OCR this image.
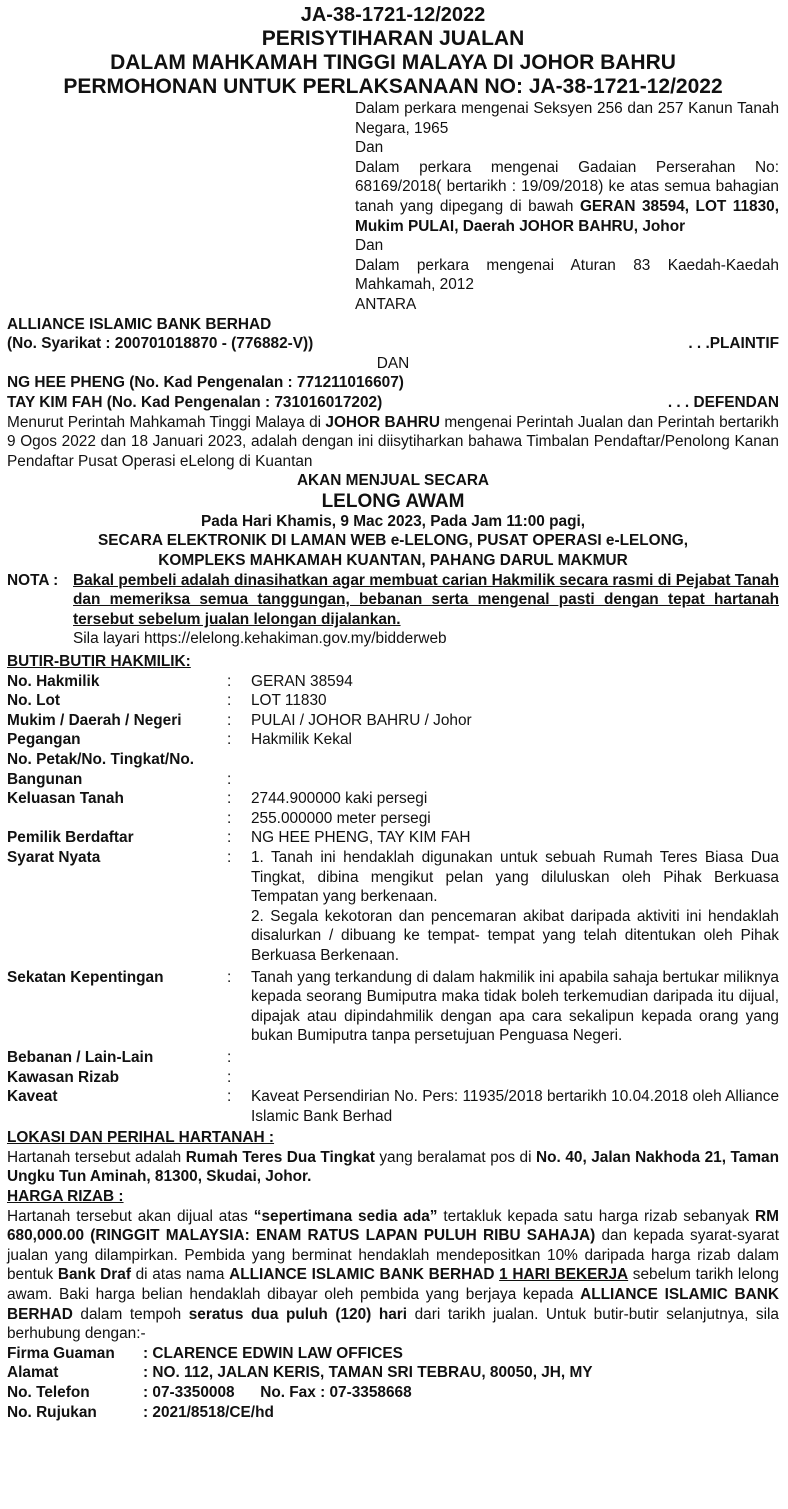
JA-38-1721-12/2022
PERISYTIHARAN JUALAN
DALAM MAHKAMAH TINGGI MALAYA DI JOHOR BAHRU
PERMOHONAN UNTUK PERLAKSANAAN NO: JA-38-1721-12/2022
Dalam perkara mengenai Seksyen 256 dan 257 Kanun Tanah Negara, 1965
Dan
Dalam perkara mengenai Gadaian Perserahan No: 68169/2018( bertarikh : 19/09/2018) ke atas semua bahagian tanah yang dipegang di bawah GERAN 38594, LOT 11830, Mukim PULAI, Daerah JOHOR BAHRU, Johor
Dan
Dalam perkara mengenai Aturan 83 Kaedah-Kaedah Mahkamah, 2012
ANTARA
ALLIANCE ISLAMIC BANK BERHAD
(No. Syarikat : 200701018870 - (776882-V))	. . .PLAINTIF
DAN
NG HEE PHENG (No. Kad Pengenalan : 771211016607)
TAY KIM FAH (No. Kad Pengenalan : 731016017202)	. . . DEFENDAN
Menurut Perintah Mahkamah Tinggi Malaya di JOHOR BAHRU mengenai Perintah Jualan dan Perintah bertarikh 9 Ogos 2022 dan 18 Januari 2023, adalah dengan ini diisytiharkan bahawa Timbalan Pendaftar/Penolong Kanan Pendaftar Pusat Operasi eLelong di Kuantan
AKAN MENJUAL SECARA
LELONG AWAM
Pada Hari Khamis, 9 Mac 2023, Pada Jam 11:00 pagi,
SECARA ELEKTRONIK DI LAMAN WEB e-LELONG, PUSAT OPERASI e-LELONG,
KOMPLEKS MAHKAMAH KUANTAN, PAHANG DARUL MAKMUR
NOTA : Bakal pembeli adalah dinasihatkan agar membuat carian Hakmilik secara rasmi di Pejabat Tanah dan memeriksa semua tanggungan, bebanan serta mengenal pasti dengan tepat hartanah tersebut sebelum jualan lelongan dijalankan.
Sila layari https://elelong.kehakiman.gov.my/bidderweb
BUTIR-BUTIR HAKMILIK:
No. Hakmilik	:	GERAN 38594
No. Lot	:	LOT 11830
Mukim / Daerah / Negeri	:	PULAI / JOHOR BAHRU / Johor
Pegangan	:	Hakmilik Kekal
No. Petak/No. Tingkat/No.
Bangunan	:
Keluasan Tanah	:	2744.900000 kaki persegi
:	255.000000 meter persegi
Pemilik Berdaftar	:	NG HEE PHENG, TAY KIM FAH
Syarat Nyata	:	1. Tanah ini hendaklah digunakan untuk sebuah Rumah Teres Biasa Dua Tingkat, dibina mengikut pelan yang diluluskan oleh Pihak Berkuasa Tempatan yang berkenaan.
2. Segala kekotoran dan pencemaran akibat daripada aktiviti ini hendaklah disalurkan / dibuang ke tempat- tempat yang telah ditentukan oleh Pihak Berkuasa Berkenaan.
Sekatan Kepentingan	:	Tanah yang terkandung di dalam hakmilik ini apabila sahaja bertukar miliknya kepada seorang Bumiputra maka tidak boleh terkemudian daripada itu dijual, dipajak atau dipindahmilik dengan apa cara sekalipun kepada orang yang bukan Bumiputra tanpa persetujuan Penguasa Negeri.
Bebanan / Lain-Lain	:
Kawasan Rizab	:
Kaveat	:	Kaveat Persendirian No. Pers: 11935/2018 bertarikh 10.04.2018 oleh Alliance Islamic Bank Berhad
LOKASI DAN PERIHAL HARTANAH :
Hartanah tersebut adalah Rumah Teres Dua Tingkat yang beralamat pos di No. 40, Jalan Nakhoda 21, Taman Ungku Tun Aminah, 81300, Skudai, Johor.
HARGA RIZAB :
Hartanah tersebut akan dijual atas “sepertimana sedia ada” tertakluk kepada satu harga rizab sebanyak RM 680,000.00 (RINGGIT MALAYSIA: ENAM RATUS LAPAN PULUH RIBU SAHAJA) dan kepada syarat-syarat jualan yang dilampirkan. Pembida yang berminat hendaklah mendepositkan 10% daripada harga rizab dalam bentuk Bank Draf di atas nama ALLIANCE ISLAMIC BANK BERHAD 1 HARI BEKERJA sebelum tarikh lelong awam. Baki harga belian hendaklah dibayar oleh pembida yang berjaya kepada ALLIANCE ISLAMIC BANK BERHAD dalam tempoh seratus dua puluh (120) hari dari tarikh jualan. Untuk butir-butir selanjutnya, sila berhubung dengan:-
Firma Guaman	: CLARENCE EDWIN LAW OFFICES
Alamat	: NO. 112, JALAN KERIS, TAMAN SRI TEBRAU, 80050, JH, MY
No. Telefon	: 07-3350008      No. Fax : 07-3358668
No. Rujukan	: 2021/8518/CE/hd
